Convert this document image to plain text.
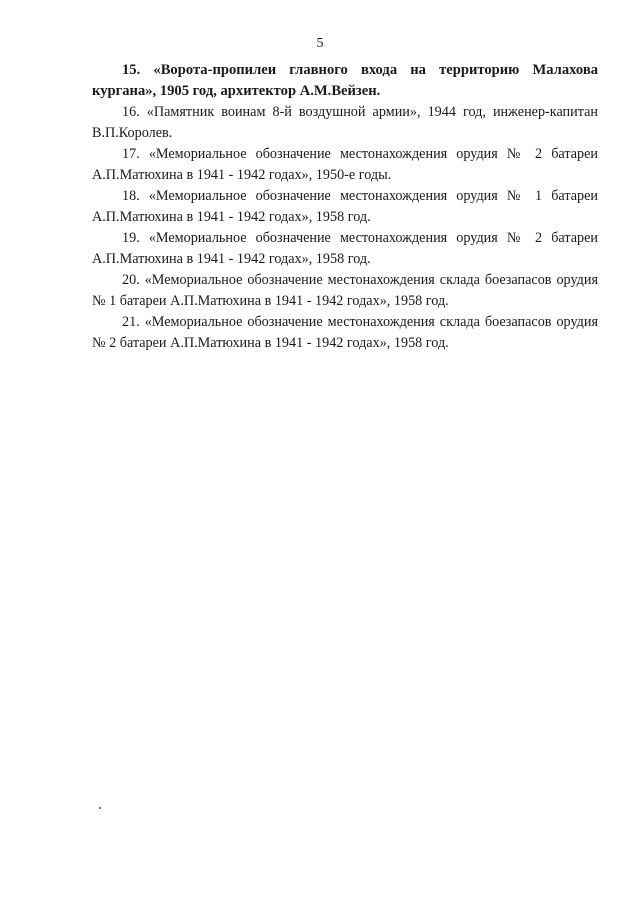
5

15. «Ворота-пропилеи главного входа на территорию Малахова кургана», 1905 год, архитектор А.М.Вейзен.

16. «Памятник воинам 8-й воздушной армии», 1944 год, инженер-капитан В.П.Королев.

17. «Мемориальное обозначение местонахождения орудия № 2 батареи А.П.Матюхина в 1941 - 1942 годах», 1950-е годы.

18. «Мемориальное обозначение местонахождения орудия № 1 батареи А.П.Матюхина в 1941 - 1942 годах», 1958 год.

19. «Мемориальное обозначение местонахождения орудия № 2 батареи А.П.Матюхина в 1941 - 1942 годах», 1958 год.

20. «Мемориальное обозначение местонахождения склада боезапасов орудия № 1 батареи А.П.Матюхина в 1941 - 1942 годах», 1958 год.

21. «Мемориальное обозначение местонахождения склада боезапасов орудия № 2 батареи А.П.Матюхина в 1941 - 1942 годах», 1958 год.
